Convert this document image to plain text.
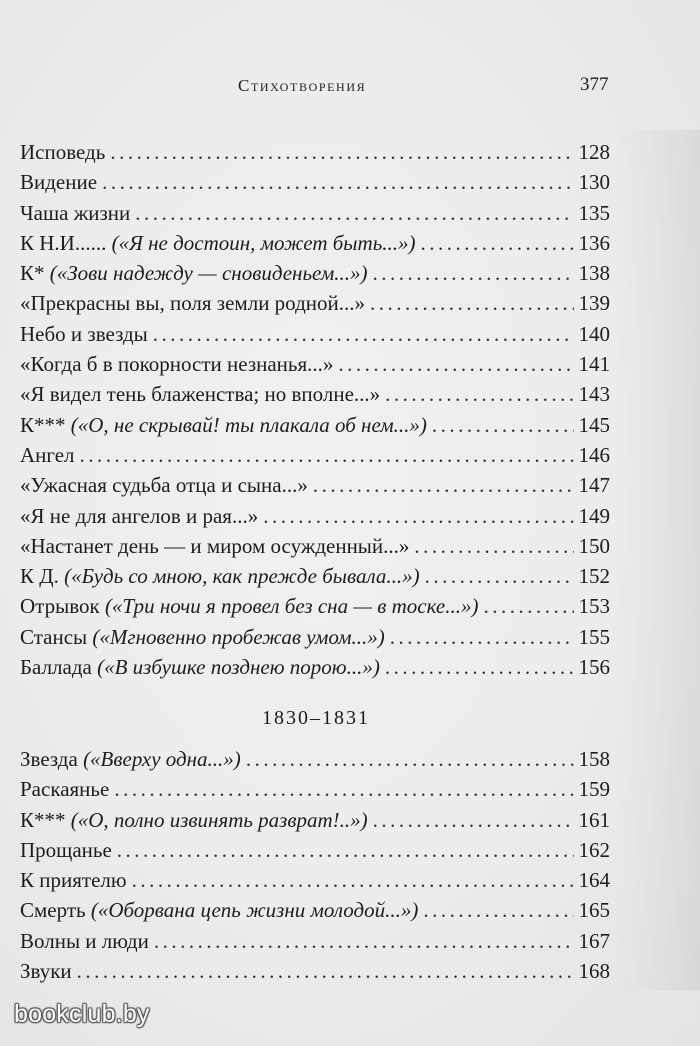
Стихотворения	377
Исповедь .....	128
Видение .....	130
Чаша жизни .....	135
К Н.И...... («Я не достоин, может быть...») .....	136
К* («Зови надежду — сновиденьем...») .....	138
«Прекрасны вы, поля земли родной...» .....	139
Небо и звезды .....	140
«Когда б в покорности незнанья...» .....	141
«Я видел тень блаженства; но вполне...» .....	143
К*** («О, не скрывай! ты плакала об нем...») .....	145
Ангел .....	146
«Ужасная судьба отца и сына...» .....	147
«Я не для ангелов и рая...» .....	149
«Настанет день — и миром осужденный...» .....	150
К Д. («Будь со мною, как прежде бывала...») .....	152
Отрывок («Три ночи я провел без сна — в тоске...») .....	153
Стансы («Мгновенно пробежав умом...») .....	155
Баллада («В избушке позднею порою...») .....	156
1830–1831
Звезда («Вверху одна...») .....	158
Раскаянье .....	159
К*** («О, полно извинять разврат!..») .....	161
Прощанье .....	162
К приятелю .....	164
Смерть («Оборвана цепь жизни молодой...») .....	165
Волны и люди .....	167
Звуки .....	168
bookclub.by
